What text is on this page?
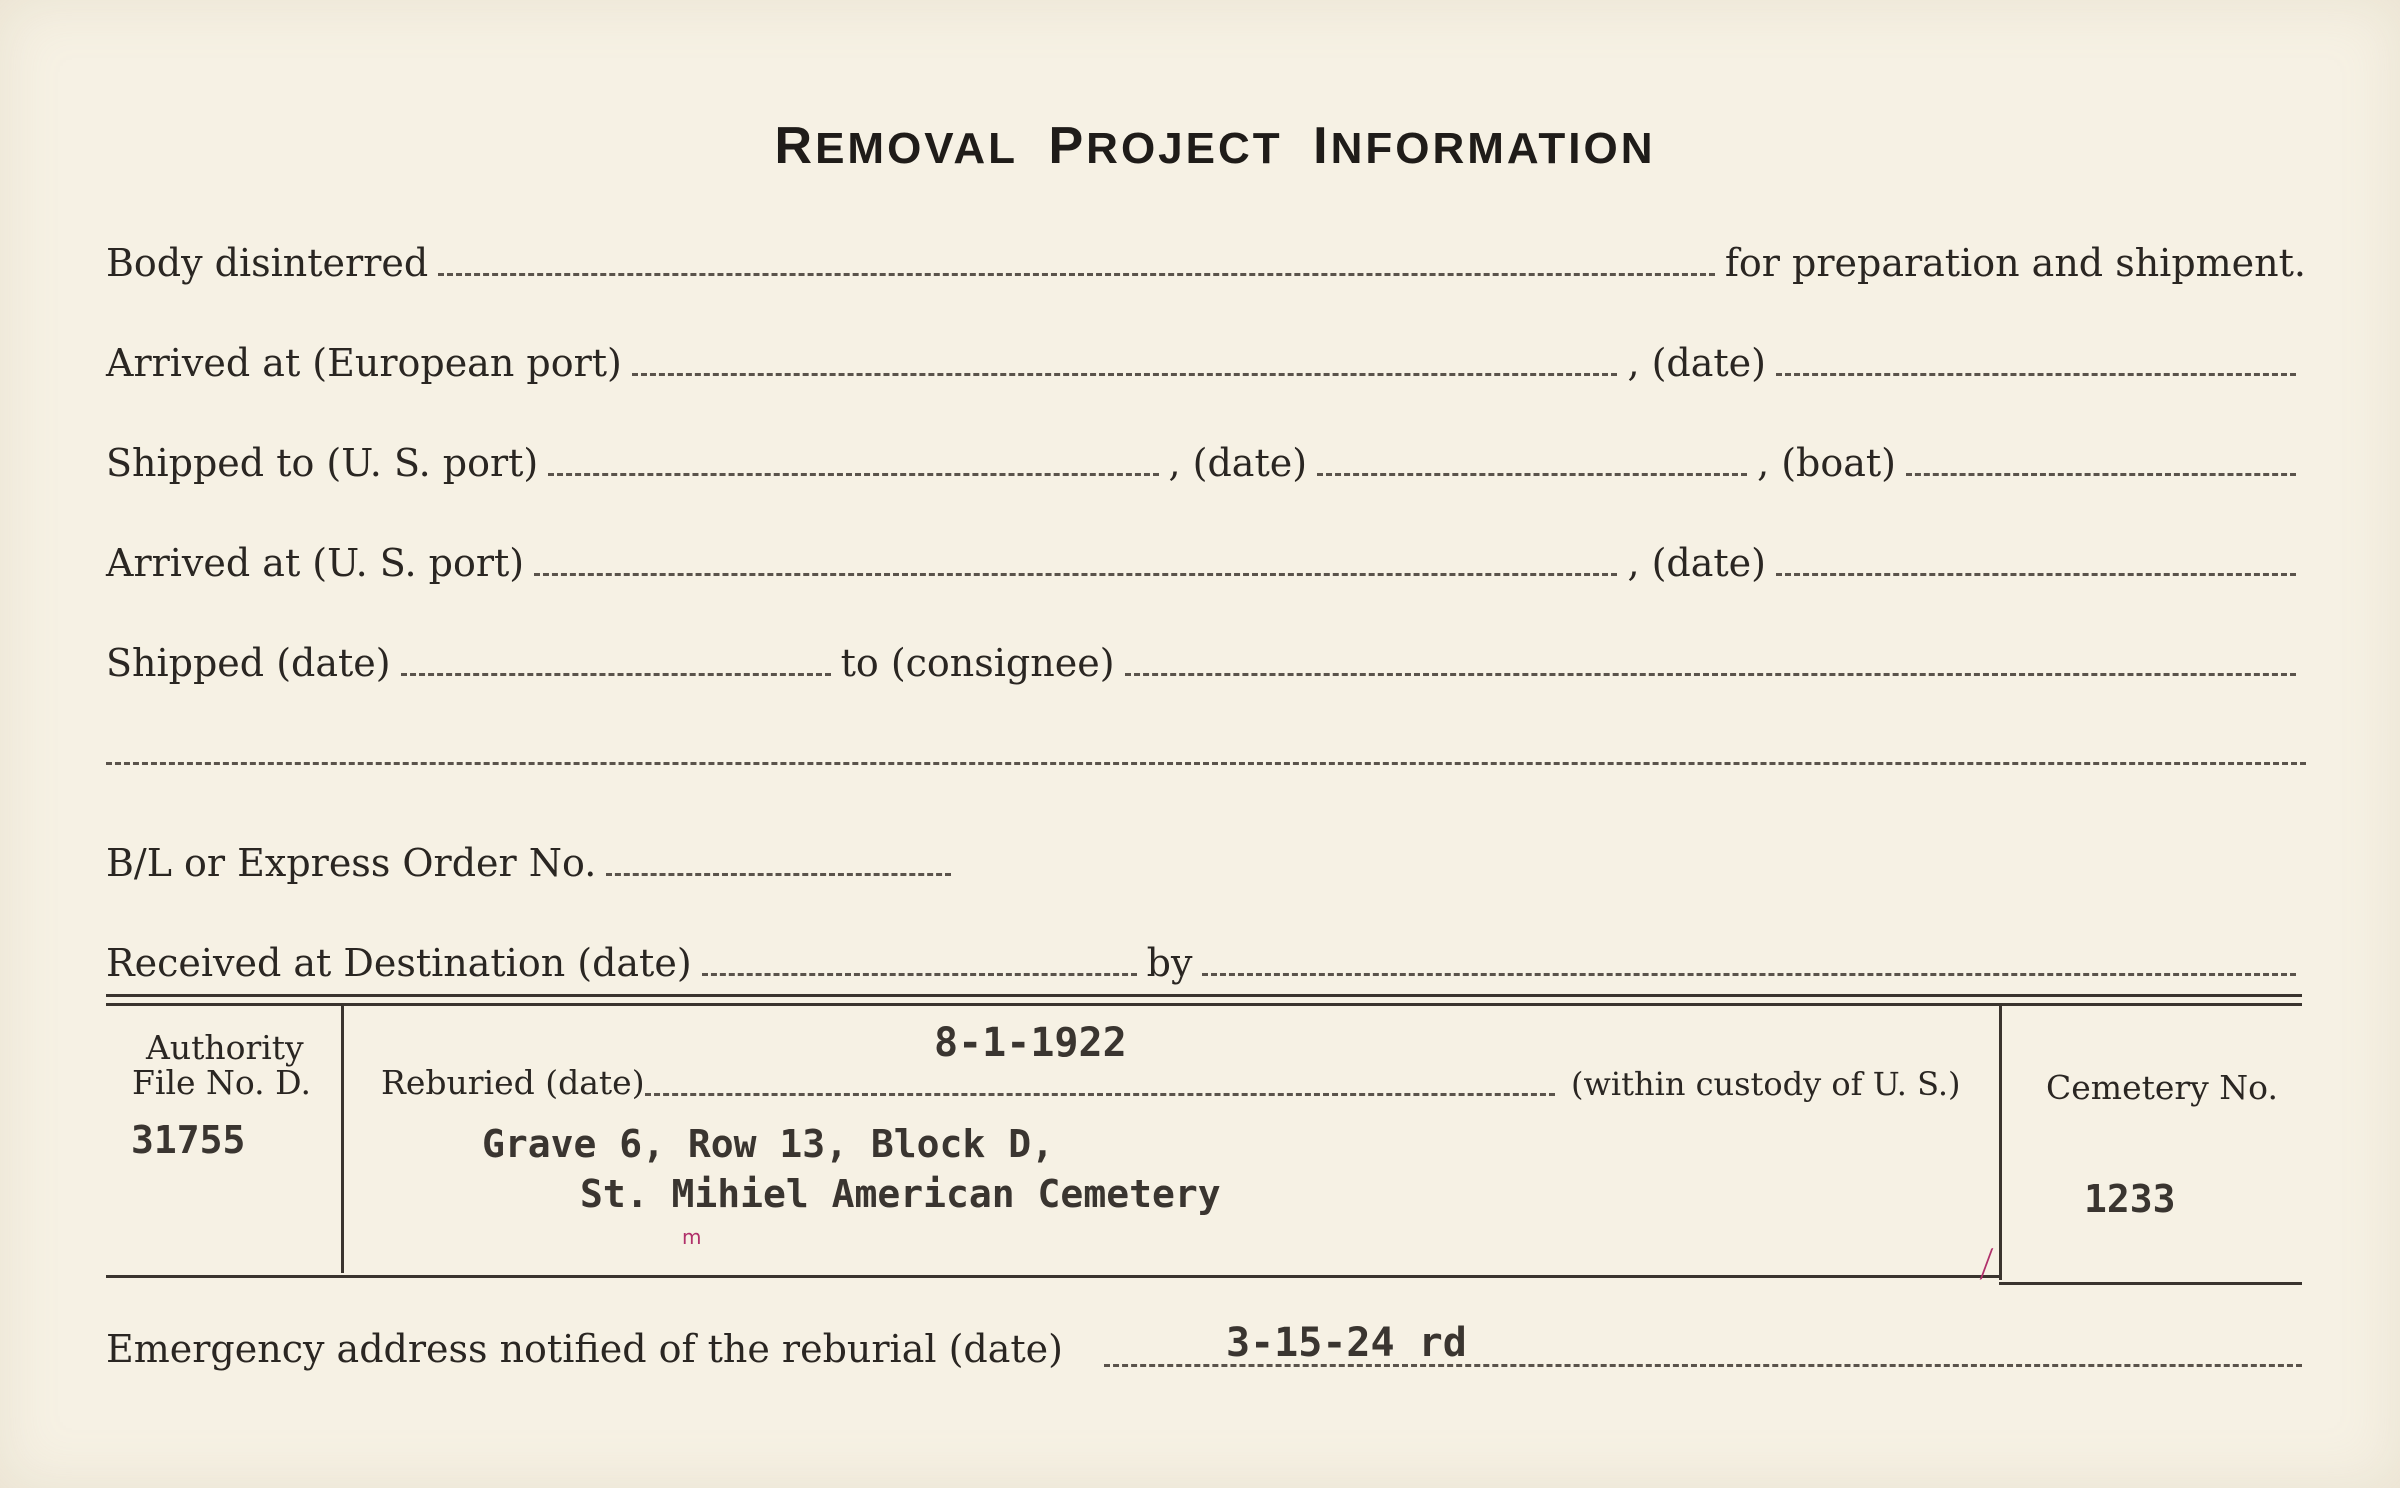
REMOVAL PROJECT INFORMATION
Body disinterred	for preparation and shipment.
Arrived at (European port)	, (date)
Shipped to (U. S. port)	, (date)	, (boat)
Arrived at (U. S. port)	, (date)
Shipped (date)	to (consignee)
B/L or Express Order No.
Received at Destination (date)	by
Authority
File No. D.
31755
8-1-1922
Reburied (date)	(within custody of U. S.)
Grave 6, Row 13, Block D,
St. Mihiel American Cemetery
Cemetery No.
1233
Emergency address notified of the reburial (date)	3-15-24 rd
⟋
m
